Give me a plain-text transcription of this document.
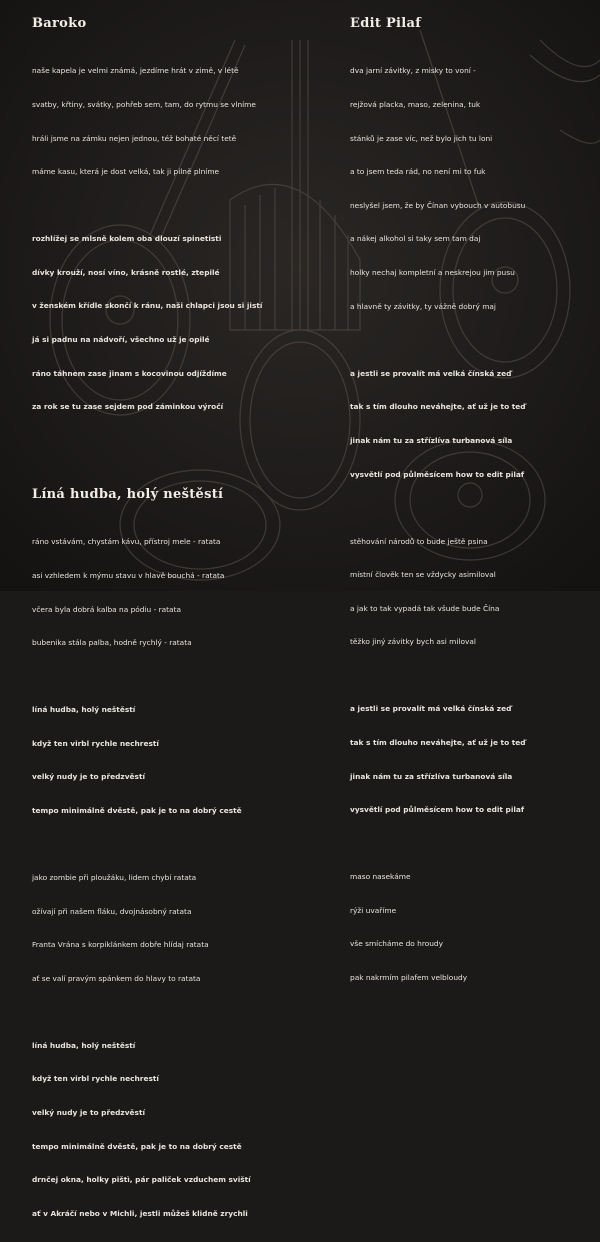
Baroko

naše kapela je velmi známá, jezdíme hrát v zimě, v létě

svatby, křtiny, svátky, pohřeb sem, tam, do rytmu se vlníme

hráli jsme na zámku nejen jednou, též bohaté něcí tetě

máme kasu, která je dost velká, tak ji pilně plníme

rozhlížej se mlsně kolem oba dlouzí spinetisti

dívky krouží, nosí víno, krásně rostlé, ztepilé

v ženském křídle skončí k ránu, naši chlapci jsou si jistí

já si padnu na nádvoří, všechno už je opilé

ráno táhnem zase jinam s kocovinou odjíždíme

za rok se tu zase sejdem pod záminkou výročí

Líná hudba, holý neštěstí

ráno vstávám, chystám kávu, přístroj mele - ratata

asi vzhledem k mýmu stavu v hlavě bouchá - ratata

včera byla dobrá kalba na pódiu - ratata

bubenika stála palba, hodně rychlý - ratata

líná hudba, holý neštěstí

když ten virbl rychle nechrestí

velký nudy je to předzvěstí

tempo minimálně dvěstě, pak je to na dobrý cestě

jako zombie při ploužáku, lidem chybí ratata

ožívají při našem fláku, dvojnásobný ratata

Franta Vrána s korpiklánkem dobře hlídaj ratata

ať se valí pravým spánkem do hlavy to ratata

líná hudba, holý neštěstí

když ten virbl rychle nechrestí

velký nudy je to předzvěstí

tempo minimálně dvěstě, pak je to na dobrý cestě

drnčej okna, holky pištì, pár paliček vzduchem sviští

ať v Akráčí nebo v Michli, jestli můžeš klidně zrychli

Edit Pilaf

dva jarní závitky, z misky to voní -

rejžová placka, maso, zelenina, tuk

stánků je zase víc, než bylo jich tu loni

a to jsem teda rád, no není mi to fuk

neslyšel jsem, že by Čínan vybouch v autobusu

a nákej alkohol si taky sem tam daj

holky nechaj kompletní a neskrejou jim pusu

a hlavně ty závitky, ty vážně dobrý maj

a jestli se provalít má velká čínská zeď

tak s tím dlouho neváhejte, ať už je to teď

jinak nám tu za střízlíva turbanová síla

vysvětlí pod půlměsícem how to edit pilaf

stěhování národů to bude ještě psina

místní člověk ten se vždycky asimiloval

a jak to tak vypadá tak všude bude Čína

těžko jiný závitky bych asi miloval

a jestli se provalít má velká čínská zeď

tak s tím dlouho neváhejte, ať už je to teď

jinak nám tu za střízlíva turbanová síla

vysvětlí pod půlměsícem how to edit pilaf

maso nasekáme

rýži uvaříme

vše smícháme do hroudy

pak nakrmím pilafem velbloudy
